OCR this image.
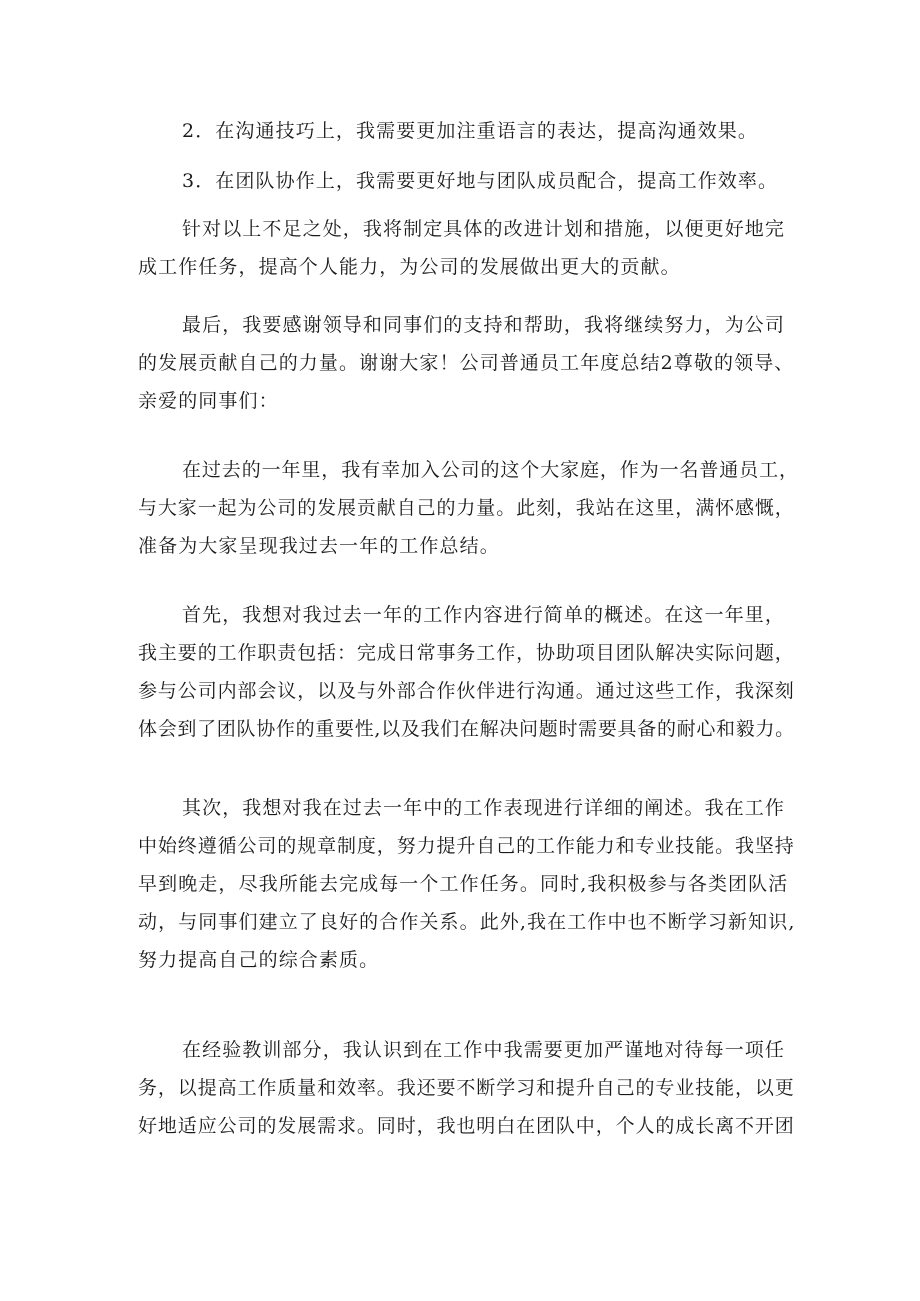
2．在沟通技巧上，我需要更加注重语言的表达，提高沟通效果。

3．在团队协作上，我需要更好地与团队成员配合，提高工作效率。

针对以上不足之处，我将制定具体的改进计划和措施，以便更好地完
成工作任务，提高个人能力，为公司的发展做出更大的贡献。

最后，我要感谢领导和同事们的支持和帮助，我将继续努力，为公司
的发展贡献自己的力量。谢谢大家！公司普通员工年度总结2尊敬的领导、
亲爱的同事们：

在过去的一年里，我有幸加入公司的这个大家庭，作为一名普通员工，
与大家一起为公司的发展贡献自己的力量。此刻，我站在这里，满怀感慨，
准备为大家呈现我过去一年的工作总结。

首先，我想对我过去一年的工作内容进行简单的概述。在这一年里，
我主要的工作职责包括：完成日常事务工作，协助项目团队解决实际问题，
参与公司内部会议，以及与外部合作伙伴进行沟通。通过这些工作，我深刻
体会到了团队协作的重要性,以及我们在解决问题时需要具备的耐心和毅力。

其次，我想对我在过去一年中的工作表现进行详细的阐述。我在工作
中始终遵循公司的规章制度，努力提升自己的工作能力和专业技能。我坚持
早到晚走，尽我所能去完成每一个工作任务。同时,我积极参与各类团队活
动，与同事们建立了良好的合作关系。此外,我在工作中也不断学习新知识,
努力提高自己的综合素质。

在经验教训部分，我认识到在工作中我需要更加严谨地对待每一项任
务，以提高工作质量和效率。我还要不断学习和提升自己的专业技能，以更
好地适应公司的发展需求。同时，我也明白在团队中，个人的成长离不开团
